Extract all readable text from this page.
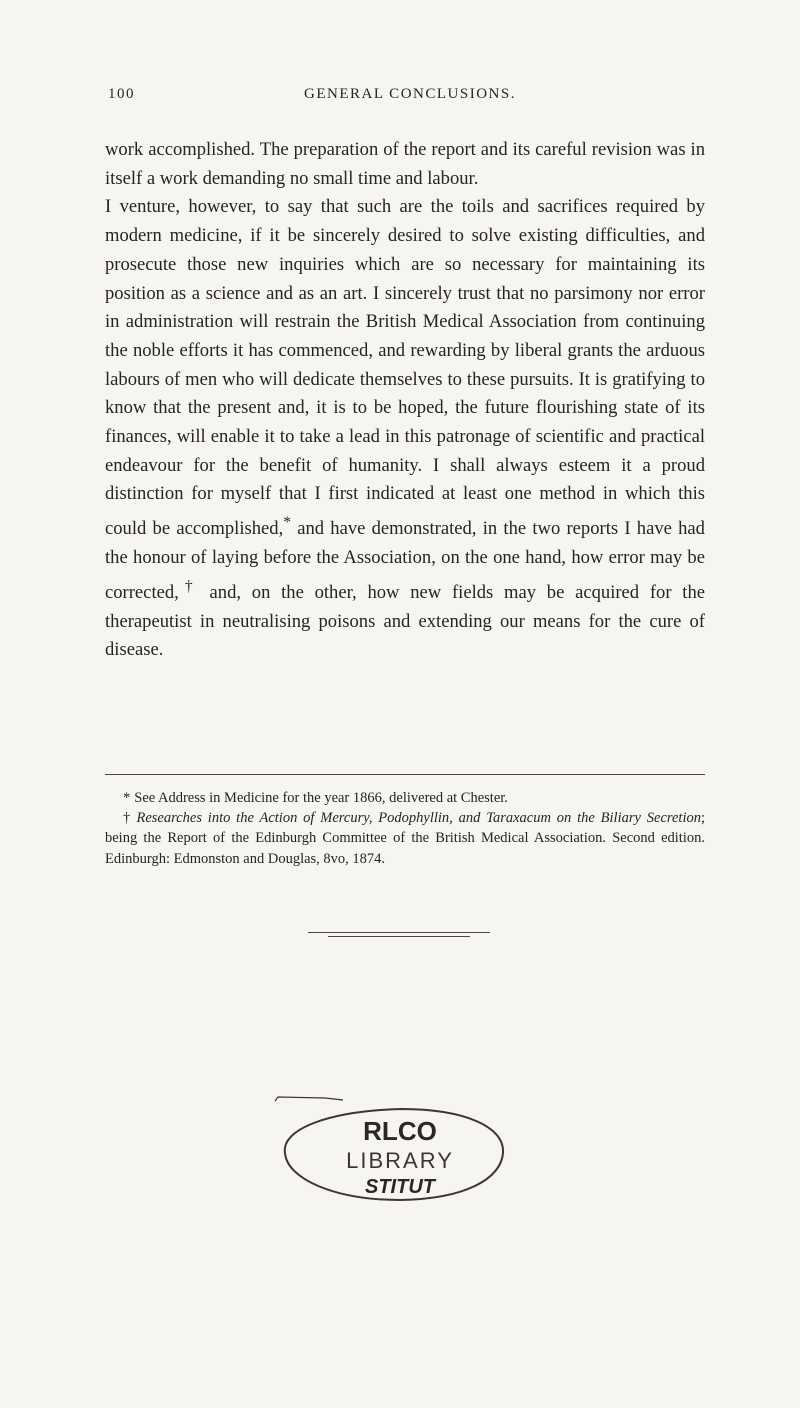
100	GENERAL CONCLUSIONS.

work accomplished. The preparation of the report and its careful revision was in itself a work demanding no small time and labour.

I venture, however, to say that such are the toils and sacrifices required by modern medicine, if it be sincerely desired to solve existing difficulties, and prosecute those new inquiries which are so necessary for maintaining its position as a science and as an art. I sincerely trust that no parsimony nor error in administration will restrain the British Medical Association from continuing the noble efforts it has commenced, and rewarding by liberal grants the arduous labours of men who will dedicate themselves to these pursuits. It is gratifying to know that the present and, it is to be hoped, the future flourishing state of its finances, will enable it to take a lead in this patronage of scientific and practical endeavour for the benefit of humanity. I shall always esteem it a proud distinction for myself that I first indicated at least one method in which this could be accomplished,* and have demonstrated, in the two reports I have had the honour of laying before the Association, on the one hand, how error may be corrected,† and, on the other, how new fields may be acquired for the therapeutist in neutralising poisons and extending our means for the cure of disease.

* See Address in Medicine for the year 1866, delivered at Chester.

† Researches into the Action of Mercury, Podophyllin, and Taraxacum on the Biliary Secretion; being the Report of the Edinburgh Committee of the British Medical Association. Second edition. Edinburgh: Edmonston and Douglas, 8vo, 1874.

RLCO
LIBRARY
STITUT
